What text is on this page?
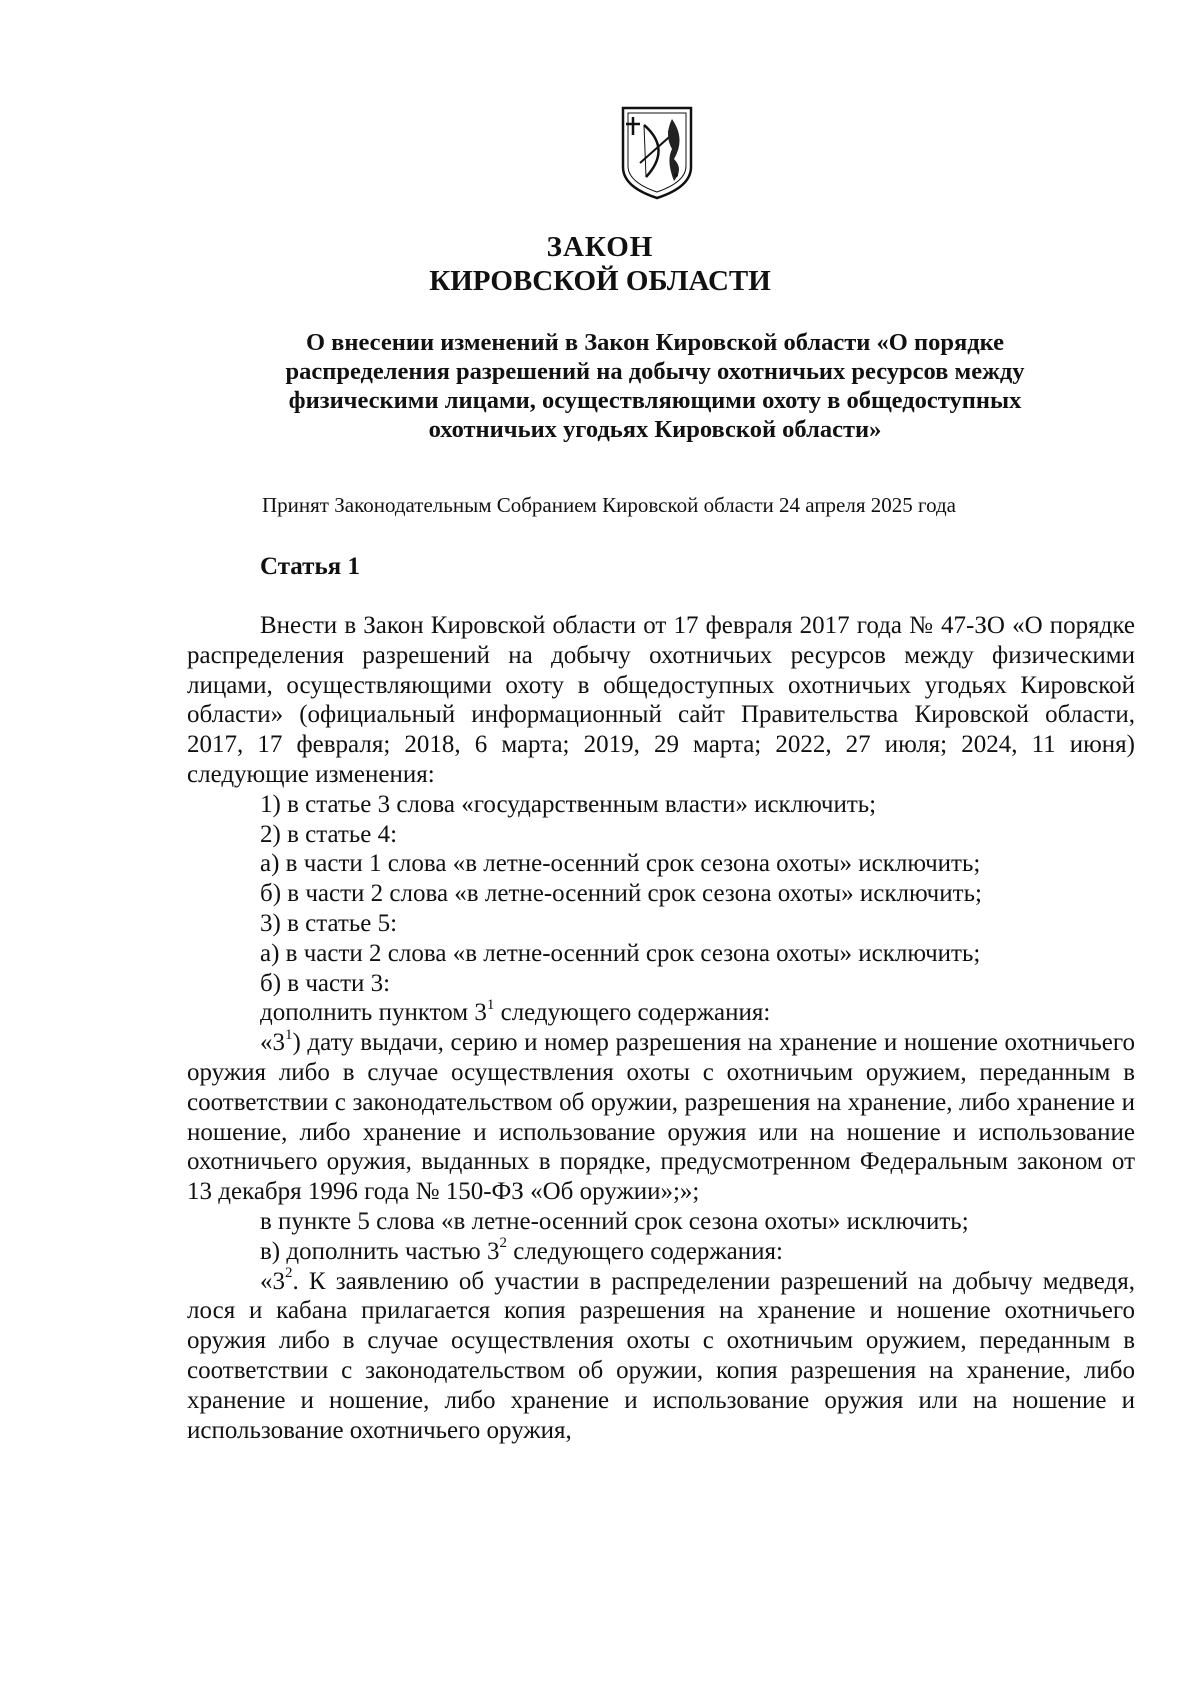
ЗАКОН

КИРОВСКОЙ ОБЛАСТИ

О внесении изменений в Закон Кировской области «О порядке распределения разрешений на добычу охотничьих ресурсов между физическими лицами, осуществляющими охоту в общедоступных охотничьих угодьях Кировской области»

Принят Законодательным Собранием Кировской области 24 апреля 2025 года

Статья 1

Внести в Закон Кировской области от 17 февраля 2017 года № 47-ЗО «О порядке распределения разрешений на добычу охотничьих ресурсов между физическими лицами, осуществляющими охоту в общедоступных охотничьих угодьях Кировской области» (официальный информационный сайт Правительства Кировской области, 2017, 17 февраля; 2018, 6 марта; 2019, 29 марта; 2022, 27 июля; 2024, 11 июня) следующие изменения:

1) в статье 3 слова «государственным власти» исключить;

2) в статье 4:

а) в части 1 слова «в летне-осенний срок сезона охоты» исключить;

б) в части 2 слова «в летне-осенний срок сезона охоты» исключить;

3) в статье 5:

а) в части 2 слова «в летне-осенний срок сезона охоты» исключить;

б) в части 3:

дополнить пунктом $3^1$ следующего содержания:

«$3^1$) дату выдачи, серию и номер разрешения на хранение и ношение охотничьего оружия либо в случае осуществления охоты с охотничьим оружием, переданным в соответствии с законодательством об оружии, разрешения на хранение, либо хранение и ношение, либо хранение и использование оружия или на ношение и использование охотничьего оружия, выданных в порядке, предусмотренном Федеральным законом от 13 декабря 1996 года № 150-ФЗ «Об оружии»;»;

в пункте 5 слова «в летне-осенний срок сезона охоты» исключить;

в) дополнить частью $3^2$ следующего содержания:

«$3^2$. К заявлению об участии в распределении разрешений на добычу медведя, лося и кабана прилагается копия разрешения на хранение и ношение охотничьего оружия либо в случае осуществления охоты с охотничьим оружием, переданным в соответствии с законодательством об оружии, копия разрешения на хранение, либо хранение и ношение, либо хранение и использование оружия или на ношение и использование охотничьего оружия,
